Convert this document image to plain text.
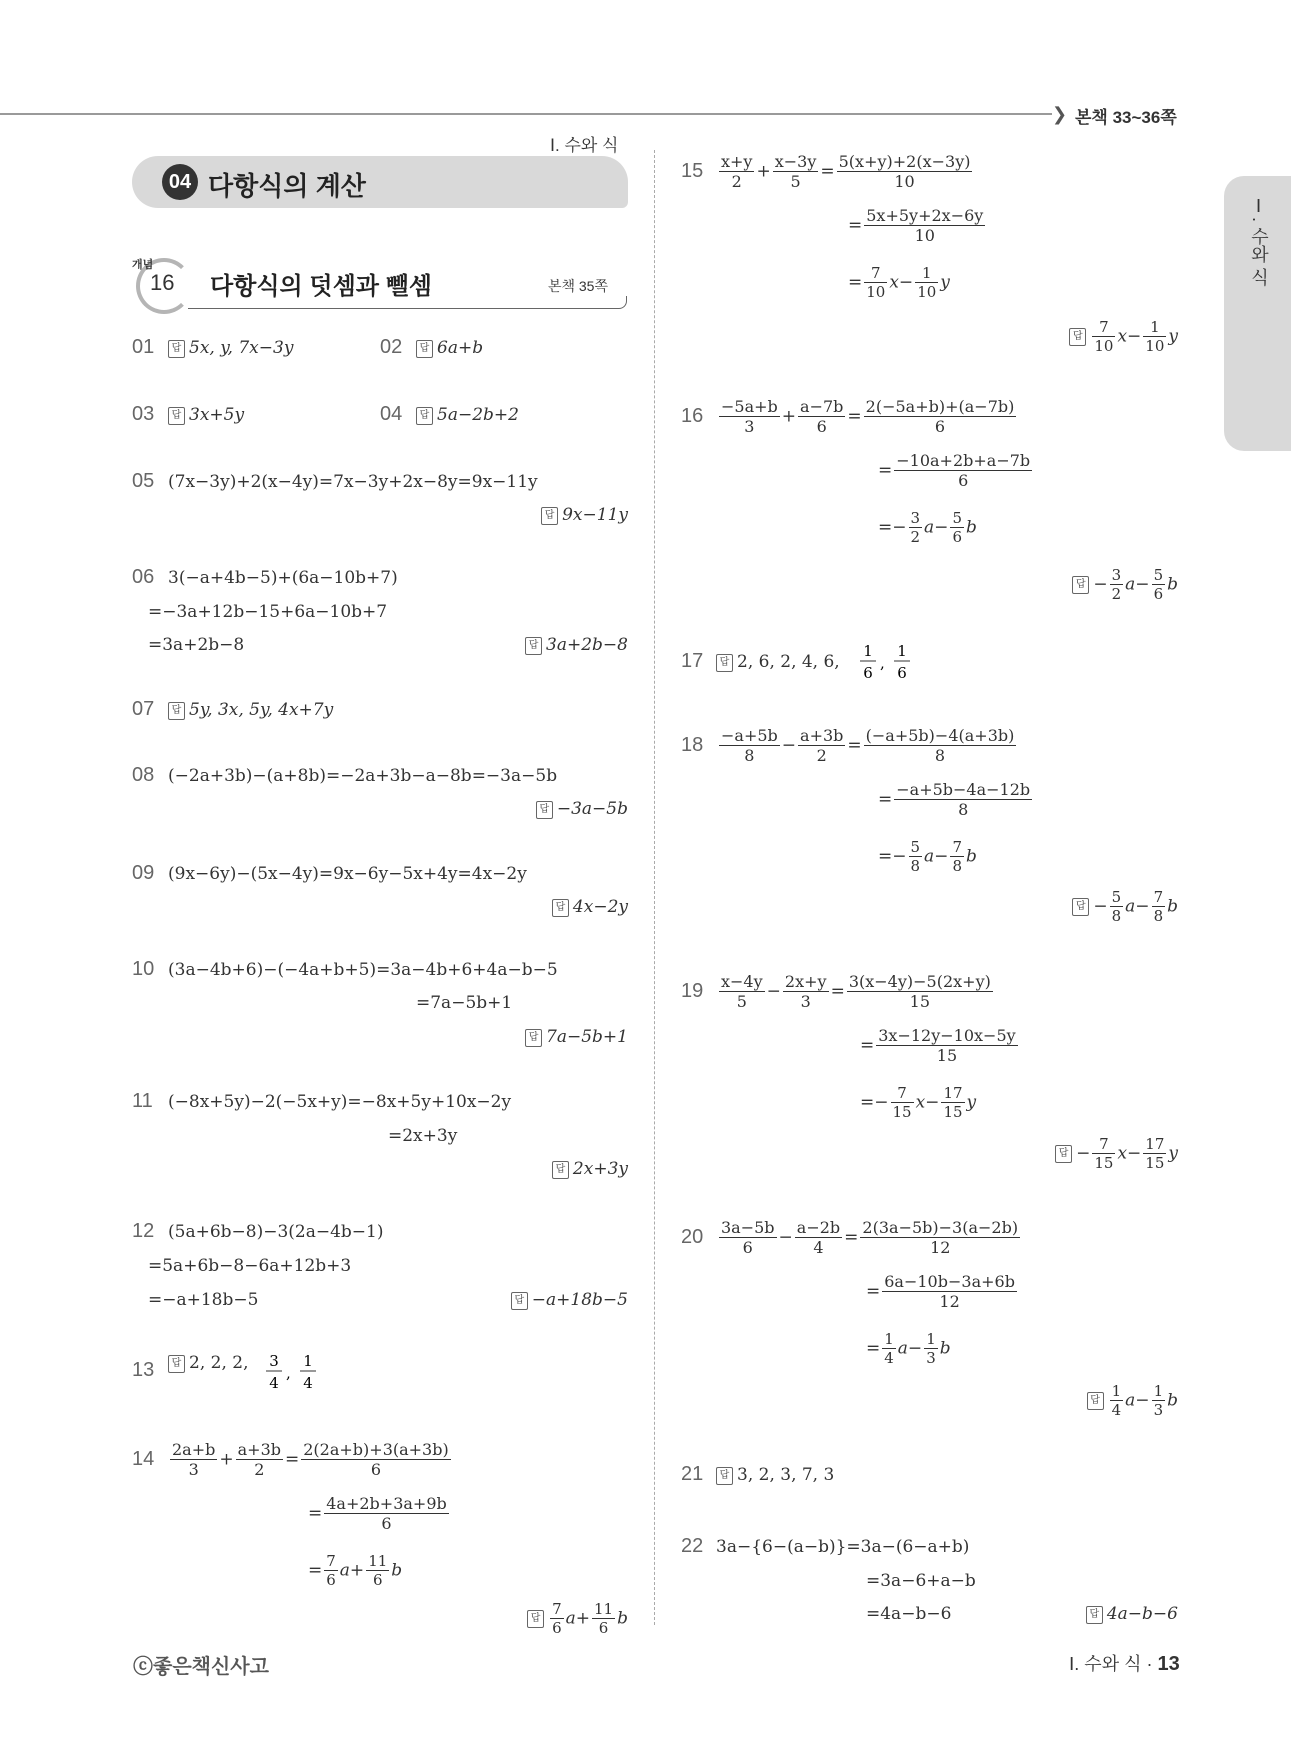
❯ 본책 33~36쪽
Ⅰ. 수와 식
04 다항식의 계산
개념
16 다항식의 덧셈과 뺄셈	본책 35쪽	Ⅰ. 수와 식
01	답 5x, y, 7x−3y	02	답 6a+b
03	답 3x+5y	04	답 5a−2b+2
05 (7x−3y)+2(x−4y)=7x−3y+2x−8y=9x−11y
답 9x−11y
06 3(−a+4b−5)+(6a−10b+7)
=−3a+12b−15+6a−10b+7
=3a+2b−8	답 3a+2b−8
07	답 5y, 3x, 5y, 4x+7y
08 (−2a+3b)−(a+8b)=−2a+3b−a−8b=−3a−5b
답 −3a−5b
09 (9x−6y)−(5x−4y)=9x−6y−5x+4y=4x−2y
답 4x−2y
10 (3a−4b+6)−(−4a+b+5)=3a−4b+6+4a−b−5
=7a−5b+1
답 7a−5b+1
11 (−8x+5y)−2(−5x+y)=−8x+5y+10x−2y
=2x+3y
답 2x+3y
12 (5a+6b−8)−3(2a−4b−1)
=5a+6b−8−6a+12b+3
=−a+18b−5	답 −a+18b−5
13	답 2, 2, 2, 3
4
,
1
4
$14 \frac{2a+b}{3} + \frac{a+3b}{2} = \frac{2(2a+b)+3(a+3b)}{6}$
= $\frac{4a+2b+3a+9b}{6}$
= $\frac{7}{6} a+ \frac{11}{6}$ b
답 $\frac{7}{6} a+ \frac{11}{6}$ b
$15 \frac{x+y}{2} + \frac{x-3y}{5} = \frac{5(x+y)+2(x-3y)}{10}$
= $\frac{5x+5y+2x-6y}{10}$
= $\frac{7}{10} x- \frac{1}{10}$ y
답 $\frac{7}{10} x- \frac{1}{10}$ y
$16 \frac{-5a+b}{3} + \frac{a-7b}{6} = \frac{2(-5a+b)+(a-7b)}{6}$
= $\frac{-10a+2b+a-7b}{6}$
=− $\frac{3}{2} a- \frac{5}{6}$ b
답 − $\frac{3}{2} a- \frac{5}{6}$ b
$18 \frac{-a+5b}{8} - \frac{a+3b}{2} = \frac{(-a+5b)-4(a+3b)}{8}$
= $\frac{-a+5b-4a-12b}{8}$
=− $\frac{5}{8} a- \frac{7}{8}$ b
답 − $\frac{5}{8} a- \frac{7}{8}$ b
$19 \frac{x-4y}{5} - \frac{2x+y}{3} = \frac{3(x-4y)-5(2x+y)}{15}$
= $\frac{3x-12y-10x-5y}{15}$
=− $\frac{7}{15} x- \frac{17}{15}$ y
답 − $\frac{7}{15} x- \frac{17}{15}$ y
$20 \frac{3a-5b}{6} - \frac{a-2b}{4} = \frac{2(3a-5b)-3(a-2b)}{12}$
= $\frac{6a-10b-3a+6b}{12}$
= $\frac{1}{4} a- \frac{1}{3}$ b
답 $\frac{1}{4} a- \frac{1}{3}$ b
17	답 2, 6, 2, 4, 6,
1
6
,
1
6
21	답 3, 2, 3, 7, 3
22 3a−{6−(a−b)}=3a−(6−a+b)
=3a−6+a−b
=4a−b−6	답 4a−b−6
ⓒ좋은책신사고	Ⅰ. 수와 식 · 13
